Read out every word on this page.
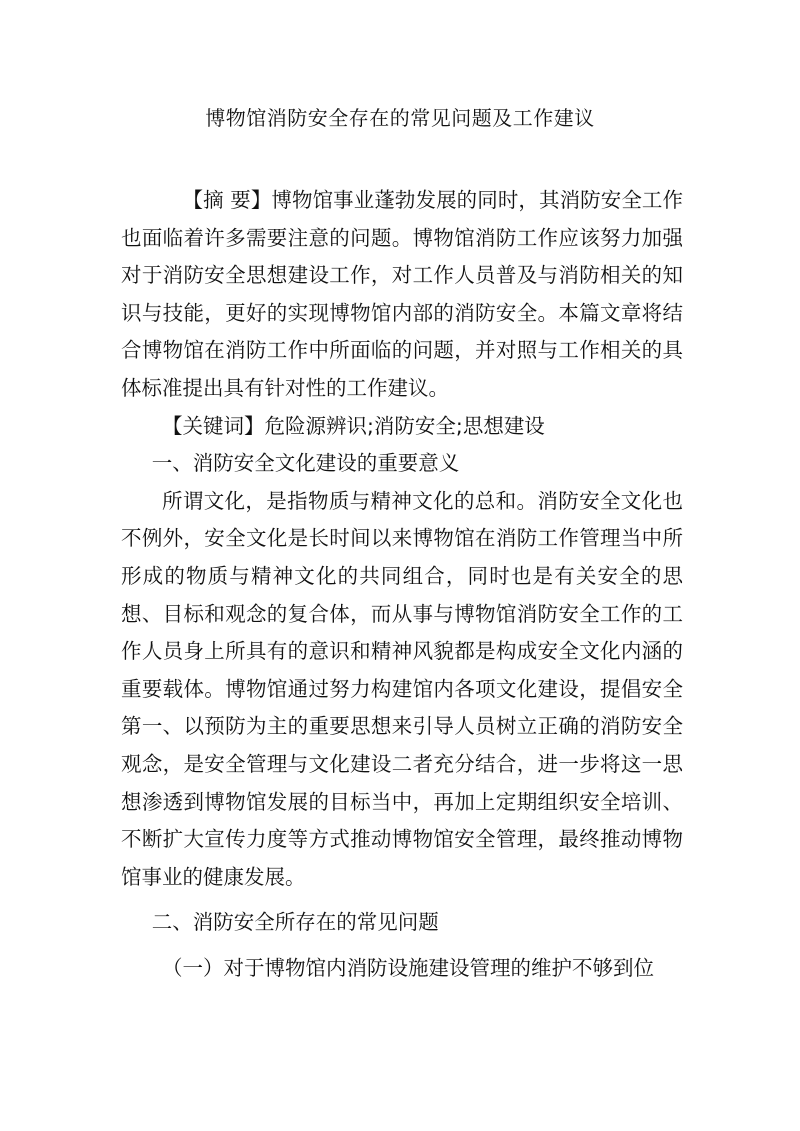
博物馆消防安全存在的常见问题及工作建议

【摘 要】博物馆事业蓬勃发展的同时，其消防安全工作也面临着许多需要注意的问题。博物馆消防工作应该努力加强对于消防安全思想建设工作，对工作人员普及与消防相关的知识与技能，更好的实现博物馆内部的消防安全。本篇文章将结合博物馆在消防工作中所面临的问题，并对照与工作相关的具体标准提出具有针对性的工作建议。

【关键词】危险源辨识;消防安全;思想建设

一、消防安全文化建设的重要意义

所谓文化，是指物质与精神文化的总和。消防安全文化也不例外，安全文化是长时间以来博物馆在消防工作管理当中所形成的物质与精神文化的共同组合，同时也是有关安全的思想、目标和观念的复合体，而从事与博物馆消防安全工作的工作人员身上所具有的意识和精神风貌都是构成安全文化内涵的重要载体。博物馆通过努力构建馆内各项文化建设，提倡安全第一、以预防为主的重要思想来引导人员树立正确的消防安全观念，是安全管理与文化建设二者充分结合，进一步将这一思想渗透到博物馆发展的目标当中，再加上定期组织安全培训、不断扩大宣传力度等方式推动博物馆安全管理，最终推动博物馆事业的健康发展。

二、消防安全所存在的常见问题

（一）对于博物馆内消防设施建设管理的维护不够到位
